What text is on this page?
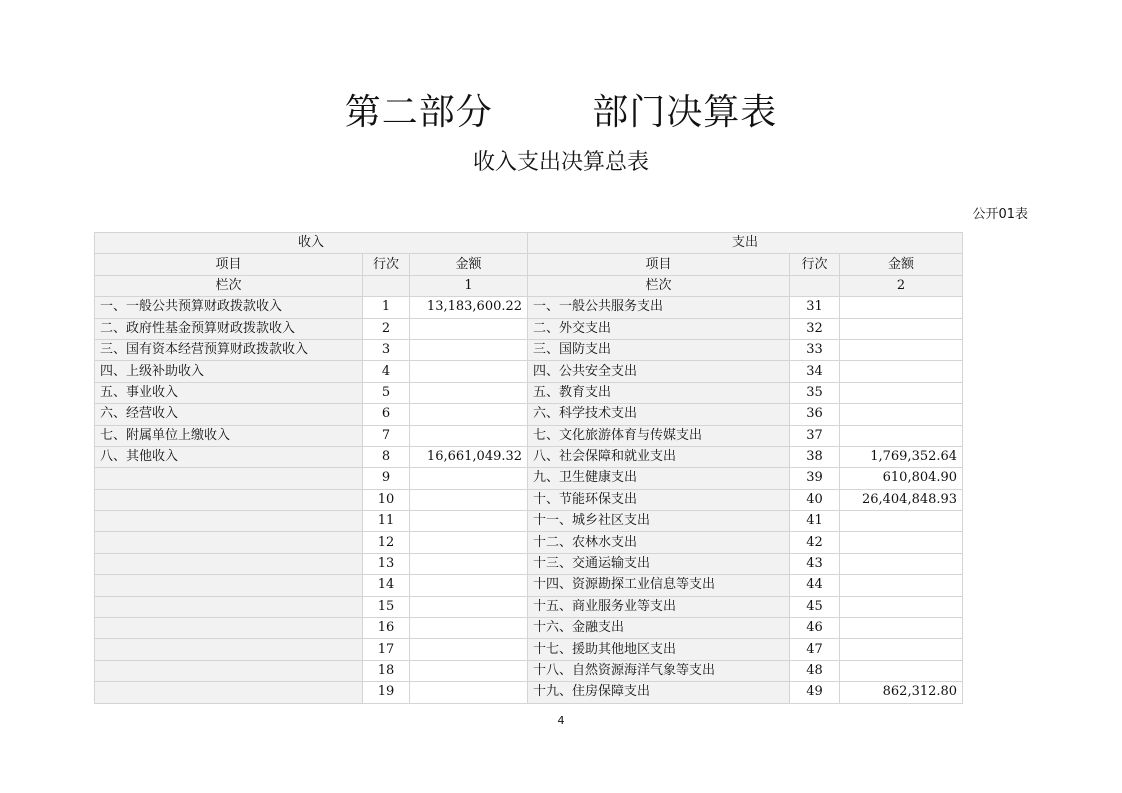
第二部分        部门决算表
收入支出决算总表
公开01表
收入			支出		
项目	行次	金额	项目	行次	金额
栏次		1	栏次		2
一、一般公共预算财政拨款收入	1	13,183,600.22	一、一般公共服务支出	31	
二、政府性基金预算财政拨款收入	2		二、外交支出	32	
三、国有资本经营预算财政拨款收入	3		三、国防支出	33	
四、上级补助收入	4		四、公共安全支出	34	
五、事业收入	5		五、教育支出	35	
六、经营收入	6		六、科学技术支出	36	
七、附属单位上缴收入	7		七、文化旅游体育与传媒支出	37	
八、其他收入	8	16,661,049.32	八、社会保障和就业支出	38	1,769,352.64
	9		九、卫生健康支出	39	610,804.90
	10		十、节能环保支出	40	26,404,848.93
	11		十一、城乡社区支出	41	
	12		十二、农林水支出	42	
	13		十三、交通运输支出	43	
	14		十四、资源勘探工业信息等支出	44	
	15		十五、商业服务业等支出	45	
	16		十六、金融支出	46	
	17		十七、援助其他地区支出	47	
	18		十八、自然资源海洋气象等支出	48	
	19		十九、住房保障支出	49	862,312.80
4
